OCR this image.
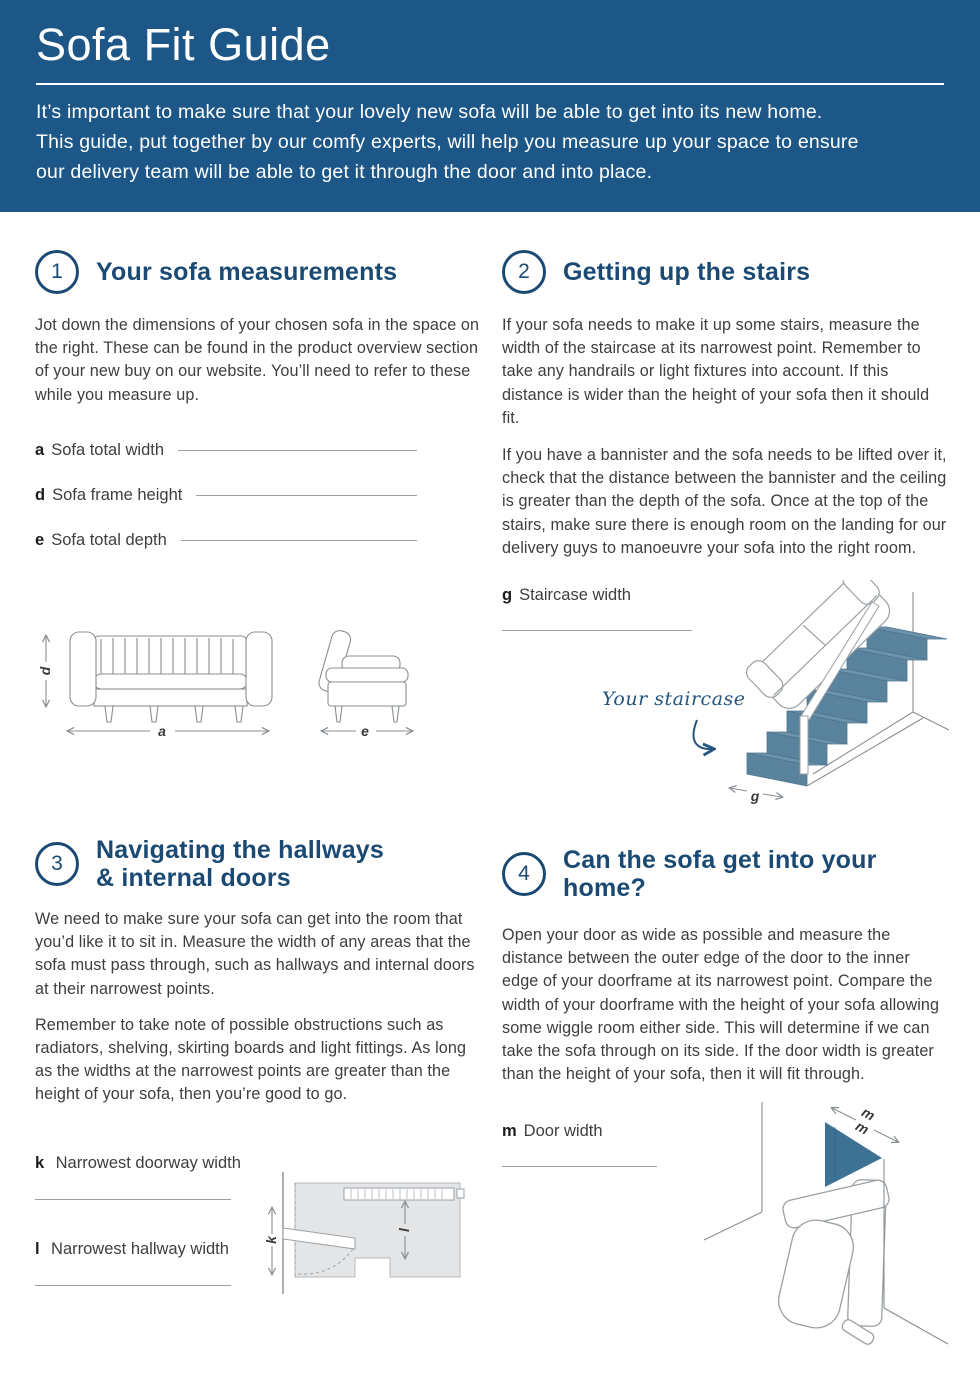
Sofa Fit Guide
It’s important to make sure that your lovely new sofa will be able to get into its new home.
This guide, put together by our comfy experts, will help you measure up your space to ensure
our delivery team will be able to get it through the door and into place.
1	Your sofa measurements

Jot down the dimensions of your chosen sofa in the space on the right. These can be found in the product overview section of your new buy on our website. You’ll need to refer to these while you measure up.

a Sofa total width
d Sofa frame height
e Sofa total depth
d
a	e
2	Getting up the stairs

If your sofa needs to make it up some stairs, measure the width of the staircase at its narrowest point. Remember to take any handrails or light fixtures into account. If this distance is wider than the height of your sofa then it should fit.

If you have a bannister and the sofa needs to be lifted over it, check that the distance between the bannister and the ceiling is greater than the depth of the sofa. Once at the top of the stairs, make sure there is enough room on the landing for our delivery guys to manoeuvre your sofa into the right room.

g Staircase width
Your staircase
g
3	Navigating the hallways
& internal doors

We need to make sure your sofa can get into the room that you’d like it to sit in. Measure the width of any areas that the sofa must pass through, such as hallways and internal doors at their narrowest points.

Remember to take note of possible obstructions such as radiators, shelving, skirting boards and light fittings. As long as the widths at the narrowest points are greater than the height of your sofa, then you’re good to go.

k Narrowest doorway width
l Narrowest hallway width
l
k
4	Can the sofa get into your home?

Open your door as wide as possible and measure the distance between the outer edge of the door to the inner edge of your doorframe at its narrowest point. Compare the width of your doorframe with the height of your sofa allowing some wiggle room either side. This will determine if we can take the sofa through on its side. If the door width is greater than the height of your sofa, then it will fit through.

m Door width
m
m
